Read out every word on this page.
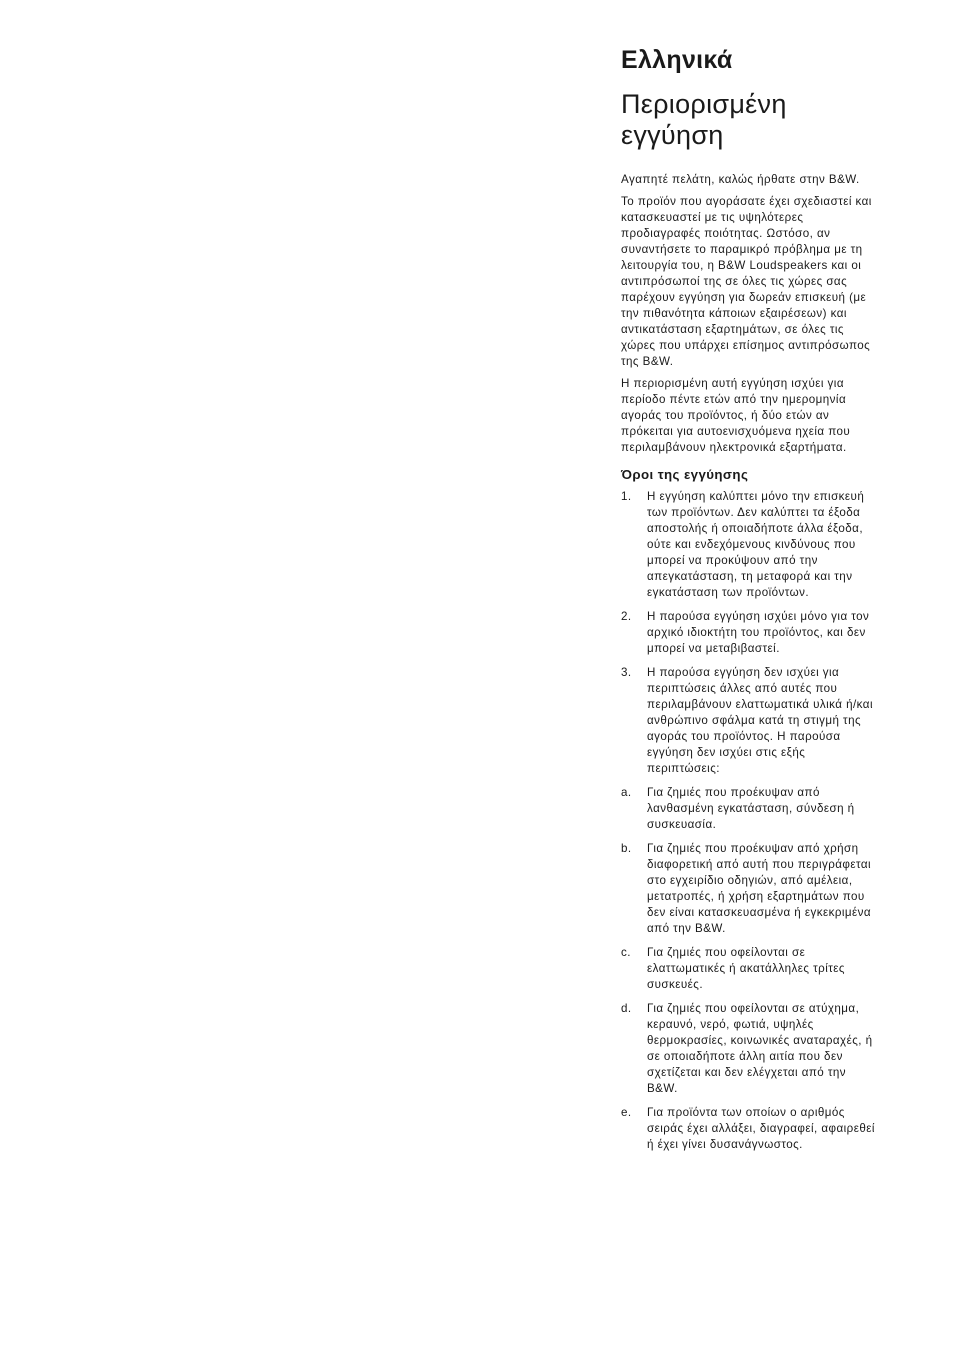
Ελληνικά
Περιορισμένη εγγύηση

Αγαπητέ πελάτη, καλώς ήρθατε στην B&W.

Το προϊόν που αγοράσατε έχει σχεδιαστεί και κατασκευαστεί με τις υψηλότερες προδιαγραφές ποιότητας. Ωστόσο, αν συναντήσετε το παραμικρό πρόβλημα με τη λειτουργία του, η B&W Loudspeakers και οι αντιπρόσωποί της σε όλες τις χώρες σας παρέχουν εγγύηση για δωρεάν επισκευή (με την πιθανότητα κάποιων εξαιρέσεων) και αντικατάσταση εξαρτημάτων, σε όλες τις χώρες που υπάρχει επίσημος αντιπρόσωπος της B&W.

Η περιορισμένη αυτή εγγύηση ισχύει για περίοδο πέντε ετών από την ημερομηνία αγοράς του προϊόντος, ή δύο ετών αν πρόκειται για αυτοενισχυόμενα ηχεία που περιλαμβάνουν ηλεκτρονικά εξαρτήματα.

Όροι της εγγύησης
1.	Η εγγύηση καλύπτει μόνο την επισκευή των προϊόντων. Δεν καλύπτει τα έξοδα αποστολής ή οποιαδήποτε άλλα έξοδα, ούτε και ενδεχόμενους κινδύνους που μπορεί να προκύψουν από την απεγκατάσταση, τη μεταφορά και την εγκατάσταση των προϊόντων.
2.	Η παρούσα εγγύηση ισχύει μόνο για τον αρχικό ιδιοκτήτη του προϊόντος, και δεν μπορεί να μεταβιβαστεί.
3.	Η παρούσα εγγύηση δεν ισχύει για περιπτώσεις άλλες από αυτές που περιλαμβάνουν ελαττωματικά υλικά ή/και ανθρώπινο σφάλμα κατά τη στιγμή της αγοράς του προϊόντος. Η παρούσα εγγύηση δεν ισχύει στις εξής περιπτώσεις:
a.	Για ζημιές που προέκυψαν από λανθασμένη εγκατάσταση, σύνδεση ή συσκευασία.
b.	Για ζημιές που προέκυψαν από χρήση διαφορετική από αυτή που περιγράφεται στο εγχειρίδιο οδηγιών, από αμέλεια, μετατροπές, ή χρήση εξαρτημάτων που δεν είναι κατασκευασμένα ή εγκεκριμένα από την B&W.
c.	Για ζημιές που οφείλονται σε ελαττωματικές ή ακατάλληλες τρίτες συσκευές.
d.	Για ζημιές που οφείλονται σε ατύχημα, κεραυνό, νερό, φωτιά, υψηλές θερμοκρασίες, κοινωνικές αναταραχές, ή σε οποιαδήποτε άλλη αιτία που δεν σχετίζεται και δεν ελέγχεται από την B&W.
e.	Για προϊόντα των οποίων ο αριθμός σειράς έχει αλλάξει, διαγραφεί, αφαιρεθεί ή έχει γίνει δυσανάγνωστος.
